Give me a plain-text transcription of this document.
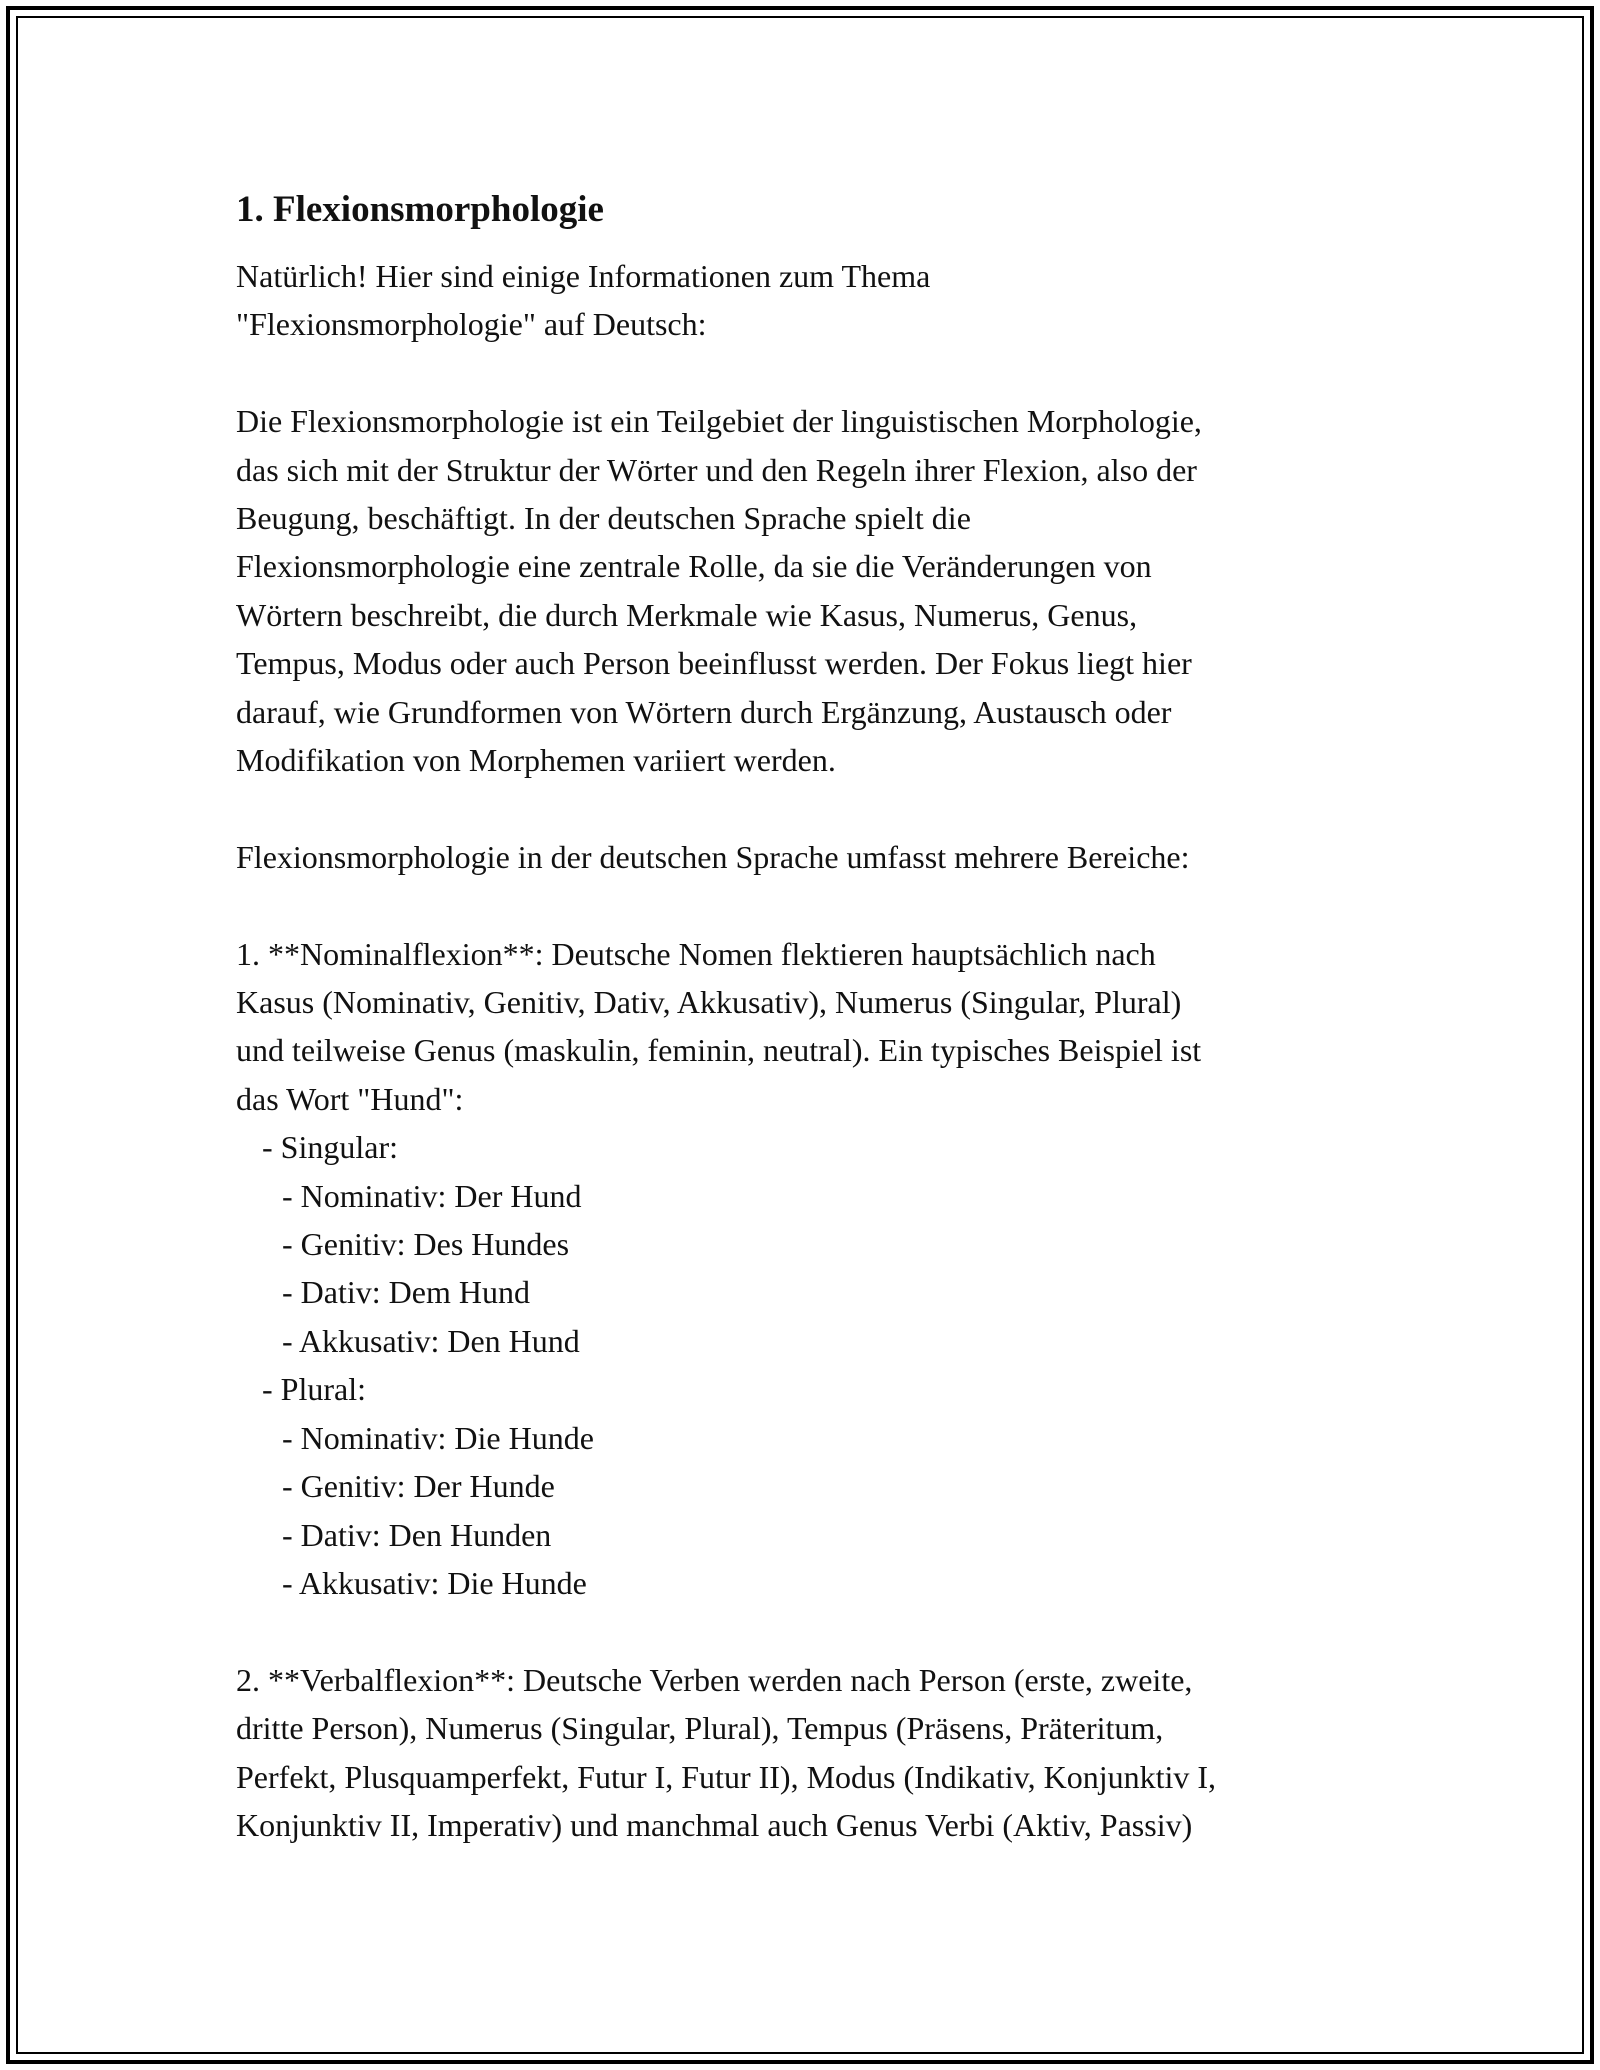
1. Flexionsmorphologie

Natürlich! Hier sind einige Informationen zum Thema
"Flexionsmorphologie" auf Deutsch:

Die Flexionsmorphologie ist ein Teilgebiet der linguistischen Morphologie,
das sich mit der Struktur der Wörter und den Regeln ihrer Flexion, also der
Beugung, beschäftigt. In der deutschen Sprache spielt die
Flexionsmorphologie eine zentrale Rolle, da sie die Veränderungen von
Wörtern beschreibt, die durch Merkmale wie Kasus, Numerus, Genus,
Tempus, Modus oder auch Person beeinflusst werden. Der Fokus liegt hier
darauf, wie Grundformen von Wörtern durch Ergänzung, Austausch oder
Modifikation von Morphemen variiert werden.

Flexionsmorphologie in der deutschen Sprache umfasst mehrere Bereiche:

1. **Nominalflexion**: Deutsche Nomen flektieren hauptsächlich nach
Kasus (Nominativ, Genitiv, Dativ, Akkusativ), Numerus (Singular, Plural)
und teilweise Genus (maskulin, feminin, neutral). Ein typisches Beispiel ist
das Wort "Hund":

- Singular:

- Nominativ: Der Hund

- Genitiv: Des Hundes

- Dativ: Dem Hund

- Akkusativ: Den Hund

- Plural:

- Nominativ: Die Hunde

- Genitiv: Der Hunde

- Dativ: Den Hunden

- Akkusativ: Die Hunde

2. **Verbalflexion**: Deutsche Verben werden nach Person (erste, zweite,
dritte Person), Numerus (Singular, Plural), Tempus (Präsens, Präteritum,
Perfekt, Plusquamperfekt, Futur I, Futur II), Modus (Indikativ, Konjunktiv I,
Konjunktiv II, Imperativ) und manchmal auch Genus Verbi (Aktiv, Passiv)
